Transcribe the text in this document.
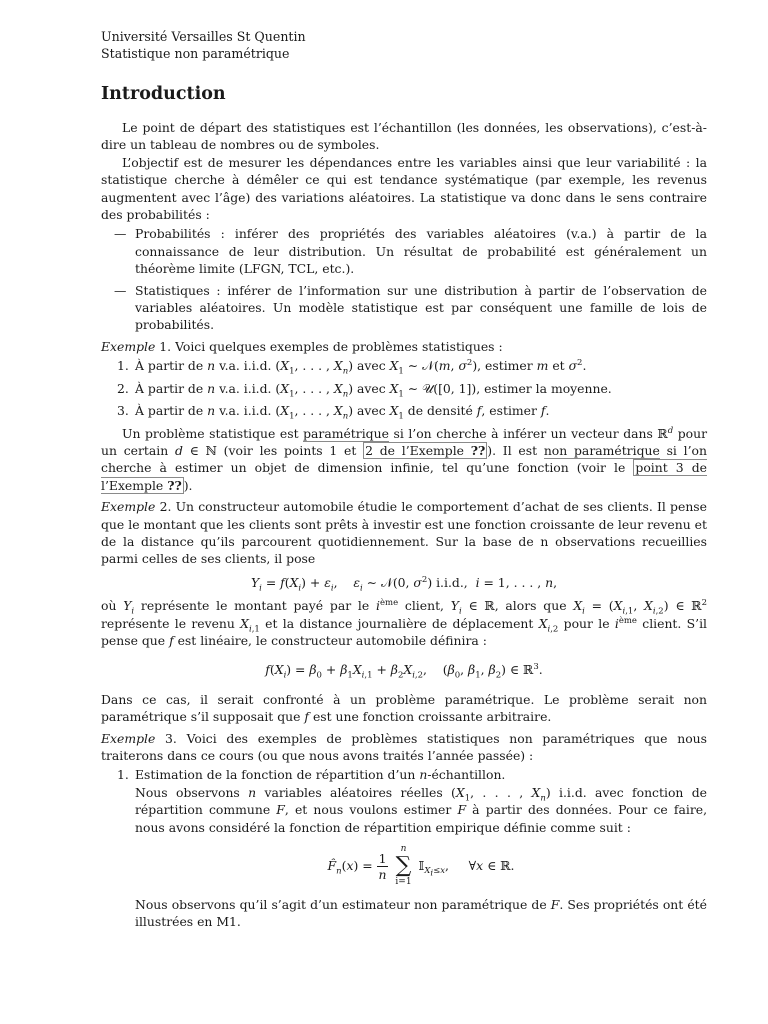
Université Versailles St Quentin
Statistique non paramétrique
Introduction

Le point de départ des statistiques est l’échantillon (les données, les observations), c’est-à-dire un tableau de nombres ou de symboles.

L’objectif est de mesurer les dépendances entre les variables ainsi que leur variabilité : la statistique cherche à démêler ce qui est tendance systématique (par exemple, les revenus augmentent avec l’âge) des variations aléatoires. La statistique va donc dans le sens contraire des probabilités :

— Probabilités : inférer des propriétés des variables aléatoires (v.a.) à partir de la connaissance de leur distribution. Un résultat de probabilité est généralement un théorème limite (LFGN, TCL, etc.).
— Statistiques : inférer de l’information sur une distribution à partir de l’observation de variables aléatoires. Un modèle statistique est par conséquent une famille de lois de probabilités.

Exemple 1. Voici quelques exemples de problèmes statistiques :

1. À partir de n v.a. i.i.d. ($X_1$, . . . , $X_n$) avec $X_1$ ∼ 𝒩(m, $\sigma^2$), estimer m et $\sigma^2$.
2. À partir de n v.a. i.i.d. ($X_1$, . . . , $X_n$) avec $X_1$ ∼ 𝒰([0, 1]), estimer la moyenne.
3. À partir de n v.a. i.i.d. ($X_1$, . . . , $X_n$) avec $X_1$ de densité f, estimer f.

Un problème statistique est paramétrique si l’on cherche à inférer un vecteur dans ℝ$^d$ pour un certain d ∈ ℕ (voir les points 1 et 2 de l’Exemple ?? ). Il est non paramétrique si l’on cherche à estimer un objet de dimension infinie, tel qu’une fonction (voir le point 3 de l’Exemple ?? ).

Exemple 2. Un constructeur automobile étudie le comportement d’achat de ses clients. Il pense que le montant que les clients sont prêts à investir est une fonction croissante de leur revenu et de la distance qu’ils parcourent quotidiennement. Sur la base de n observations recueillies parmi celles de ses clients, il pose

$Y_i = f(X_i) + \varepsilon_i$,    $\varepsilon_i$ ∼ 𝒩(0, $\sigma^2$) i.i.d.,  i = 1, . . . , n,

où $Y_i$ représente le montant payé par le $i^{ème}$ client, $Y_i$ ∈ ℝ, alors que $X_i = (X_{i,1}$, $X_{i,2}$) ∈ ℝ$^2$ représente le revenu $X_{i,1}$ et la distance journalière de déplacement $X_{i,2}$ pour le $i^{ème}$ client. S’il pense que f est linéaire, le constructeur automobile définira :

$f(X_i) = \beta_0 + \beta_1X_{i,1} + \beta_2X_{i,2}$,    ($\beta_0$, $\beta_1$, $\beta_2$) ∈ ℝ$^3$.

Dans ce cas, il serait confronté à un problème paramétrique. Le problème serait non paramétrique s’il supposait que f est une fonction croissante arbitraire.

Exemple 3. Voici des exemples de problèmes statistiques non paramétriques que nous traiterons dans ce cours (ou que nous avons traités l’année passée) :

1. Estimation de la fonction de répartition d’un n-échantillon.
Nous observons n variables aléatoires réelles ($X_1$, . . . , $X_n$) i.i.d. avec fonction de répartition commune F, et nous voulons estimer F à partir des données. Pour ce faire, nous avons considéré la fonction de répartition empirique définie comme suit :
$F̂_n(x) = \frac{1}{n}$

n
∑
i=1
𝕀$_{X_i\le x}$,     ∀x ∈ ℝ.
Nous observons qu’il s’agit d’un estimateur non paramétrique de F. Ses propriétés ont été illustrées en M1.
